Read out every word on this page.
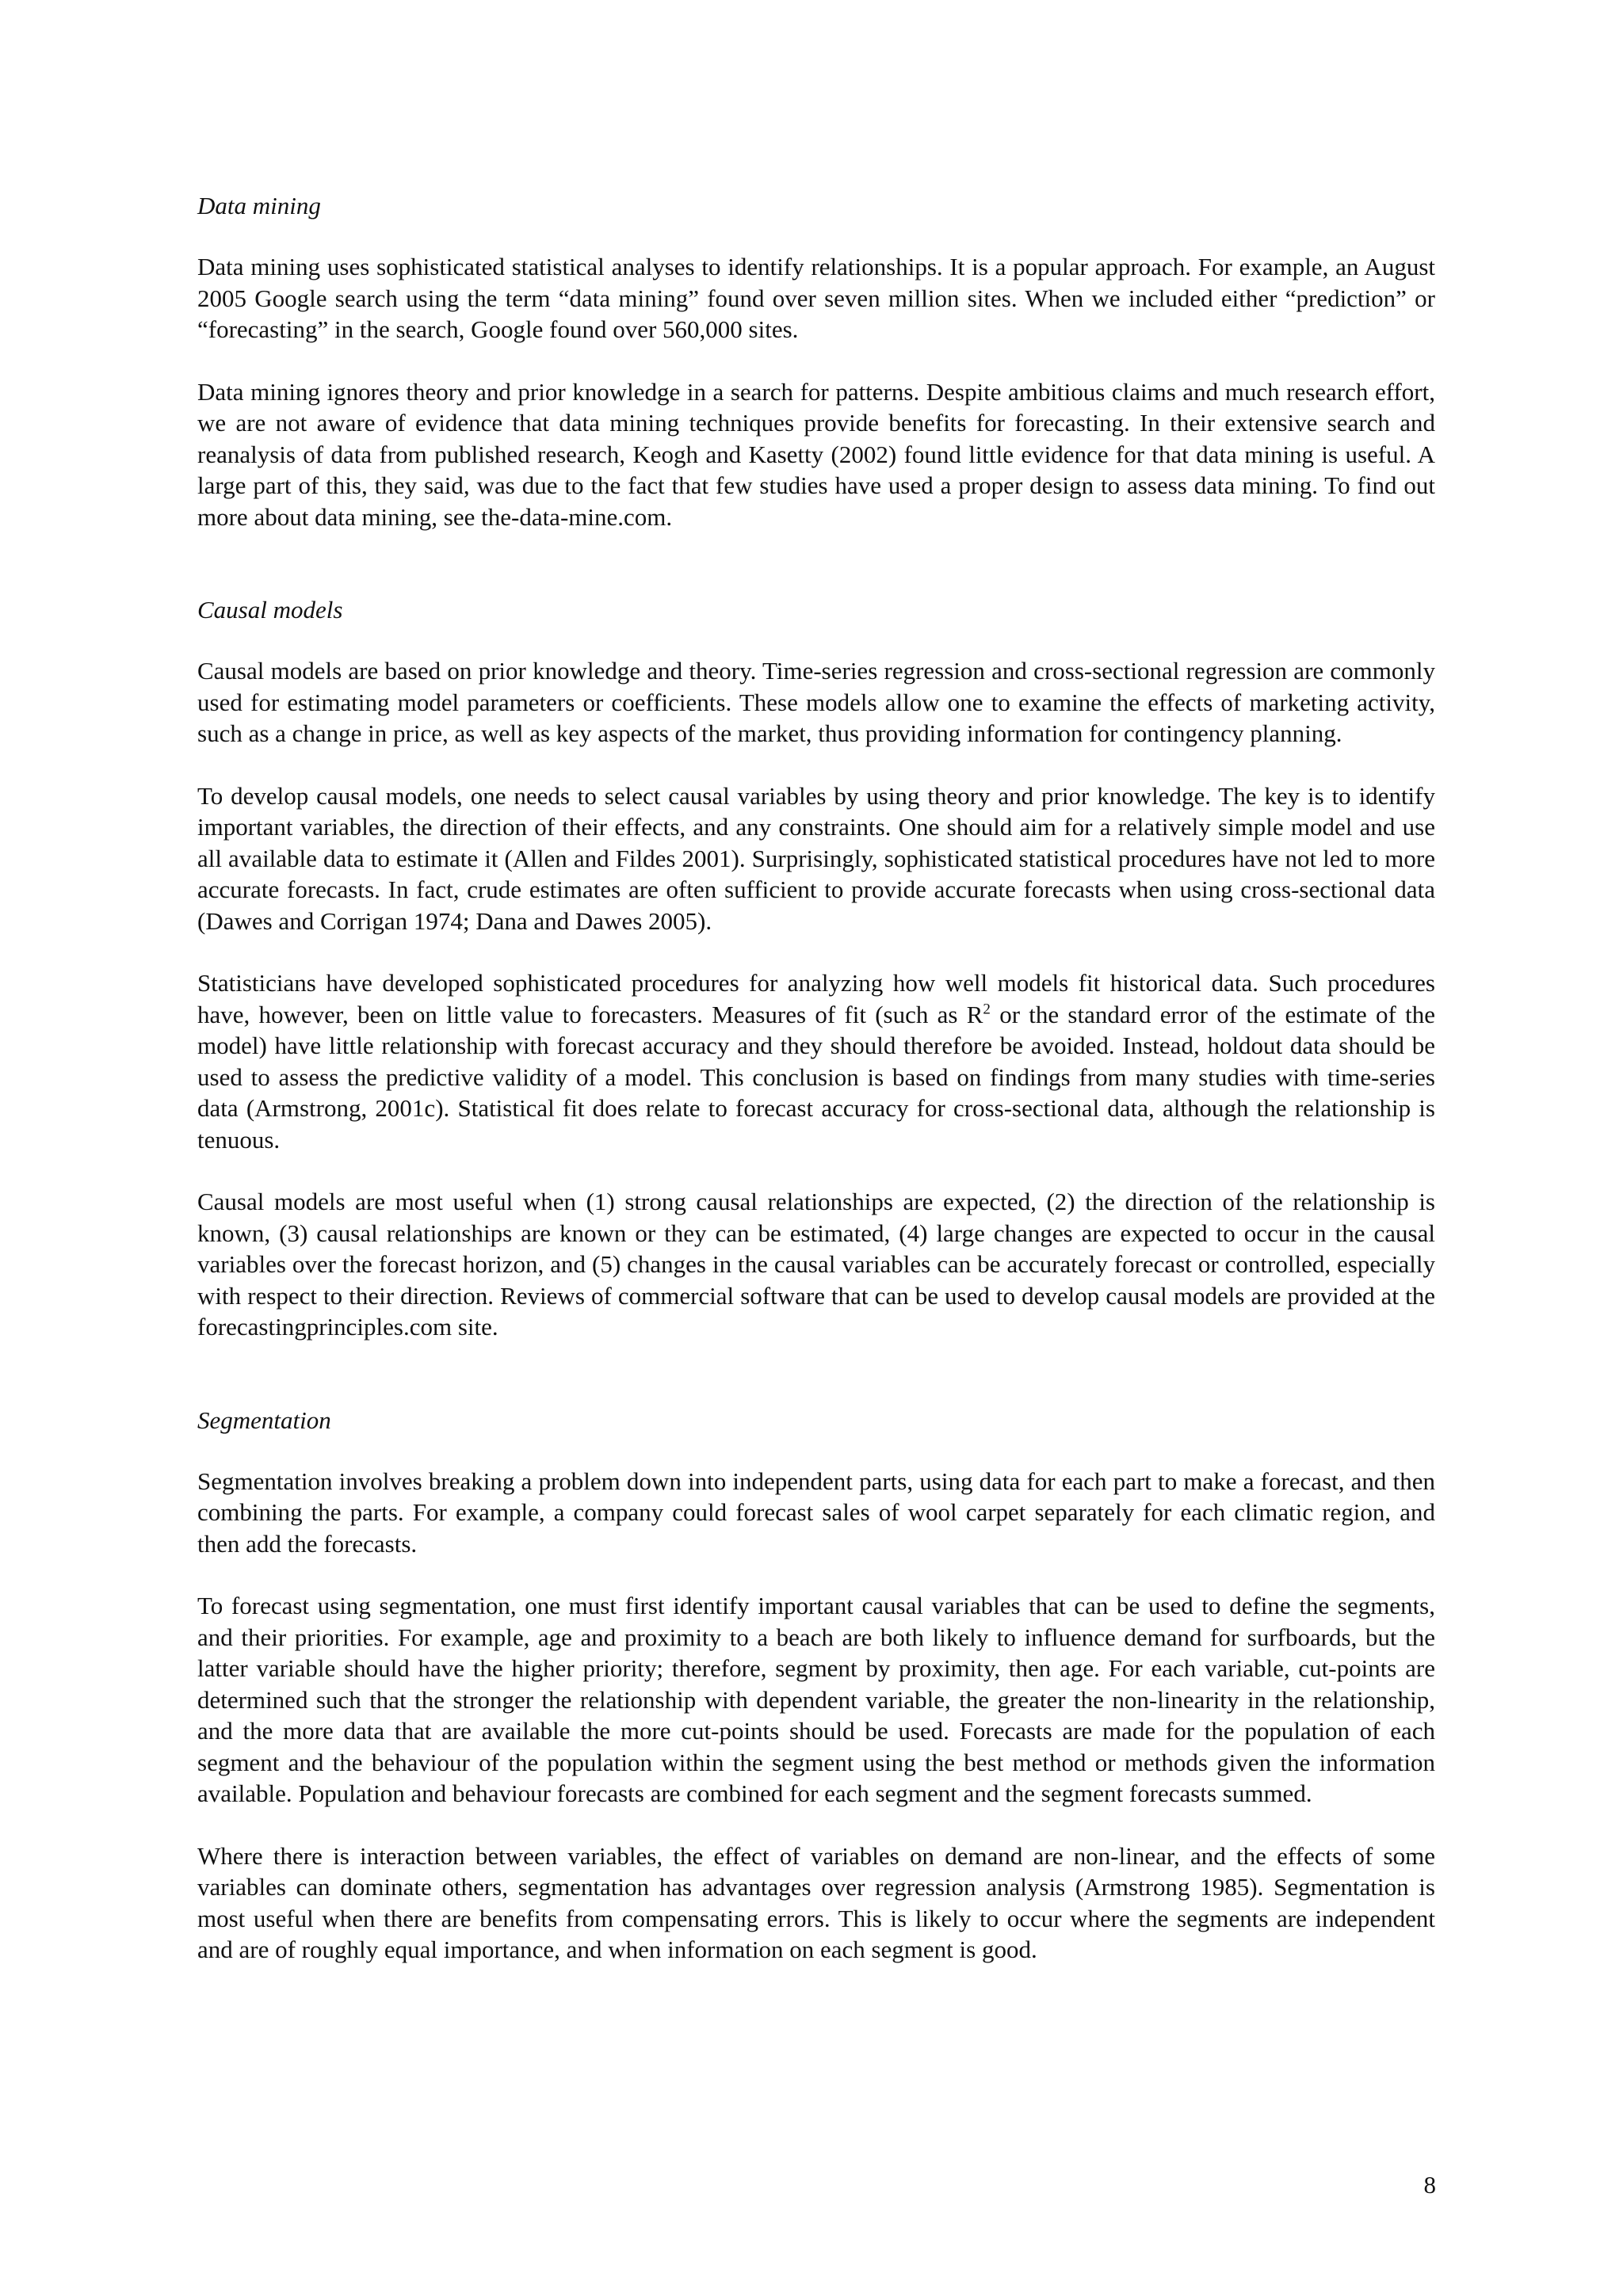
Data mining

Data mining uses sophisticated statistical analyses to identify relationships. It is a popular approach. For example, an August 2005 Google search using the term “data mining” found over seven million sites. When we included either “prediction” or “forecasting” in the search, Google found over 560,000 sites.

Data mining ignores theory and prior knowledge in a search for patterns. Despite ambitious claims and much research effort, we are not aware of evidence that data mining techniques provide benefits for forecasting. In their extensive search and reanalysis of data from published research, Keogh and Kasetty (2002) found little evidence for that data mining is useful. A large part of this, they said, was due to the fact that few studies have used a proper design to assess data mining. To find out more about data mining, see the-data-mine.com.

Causal models

Causal models are based on prior knowledge and theory. Time-series regression and cross-sectional regression are commonly used for estimating model parameters or coefficients. These models allow one to examine the effects of marketing activity, such as a change in price, as well as key aspects of the market, thus providing information for contingency planning.

To develop causal models, one needs to select causal variables by using theory and prior knowledge. The key is to identify important variables, the direction of their effects, and any constraints. One should aim for a relatively simple model and use all available data to estimate it (Allen and Fildes 2001). Surprisingly, sophisticated statistical procedures have not led to more accurate forecasts. In fact, crude estimates are often sufficient to provide accurate forecasts when using cross-sectional data (Dawes and Corrigan 1974; Dana and Dawes 2005).

Statisticians have developed sophisticated procedures for analyzing how well models fit historical data. Such procedures have, however, been on little value to forecasters. Measures of fit (such as $R^2$ or the standard error of the estimate of the model) have little relationship with forecast accuracy and they should therefore be avoided. Instead, holdout data should be used to assess the predictive validity of a model. This conclusion is based on findings from many studies with time-series data (Armstrong, 2001c). Statistical fit does relate to forecast accuracy for cross-sectional data, although the relationship is tenuous.

Causal models are most useful when (1) strong causal relationships are expected, (2) the direction of the relationship is known, (3) causal relationships are known or they can be estimated, (4) large changes are expected to occur in the causal variables over the forecast horizon, and (5) changes in the causal variables can be accurately forecast or controlled, especially with respect to their direction. Reviews of commercial software that can be used to develop causal models are provided at the forecastingprinciples.com site.

Segmentation

Segmentation involves breaking a problem down into independent parts, using data for each part to make a forecast, and then combining the parts. For example, a company could forecast sales of wool carpet separately for each climatic region, and then add the forecasts.

To forecast using segmentation, one must first identify important causal variables that can be used to define the segments, and their priorities. For example, age and proximity to a beach are both likely to influence demand for surfboards, but the latter variable should have the higher priority; therefore, segment by proximity, then age. For each variable, cut-points are determined such that the stronger the relationship with dependent variable, the greater the non-linearity in the relationship, and the more data that are available the more cut-points should be used. Forecasts are made for the population of each segment and the behaviour of the population within the segment using the best method or methods given the information available. Population and behaviour forecasts are combined for each segment and the segment forecasts summed.

Where there is interaction between variables, the effect of variables on demand are non-linear, and the effects of some variables can dominate others, segmentation has advantages over regression analysis (Armstrong 1985). Segmentation is most useful when there are benefits from compensating errors. This is likely to occur where the segments are independent and are of roughly equal importance, and when information on each segment is good.

8
